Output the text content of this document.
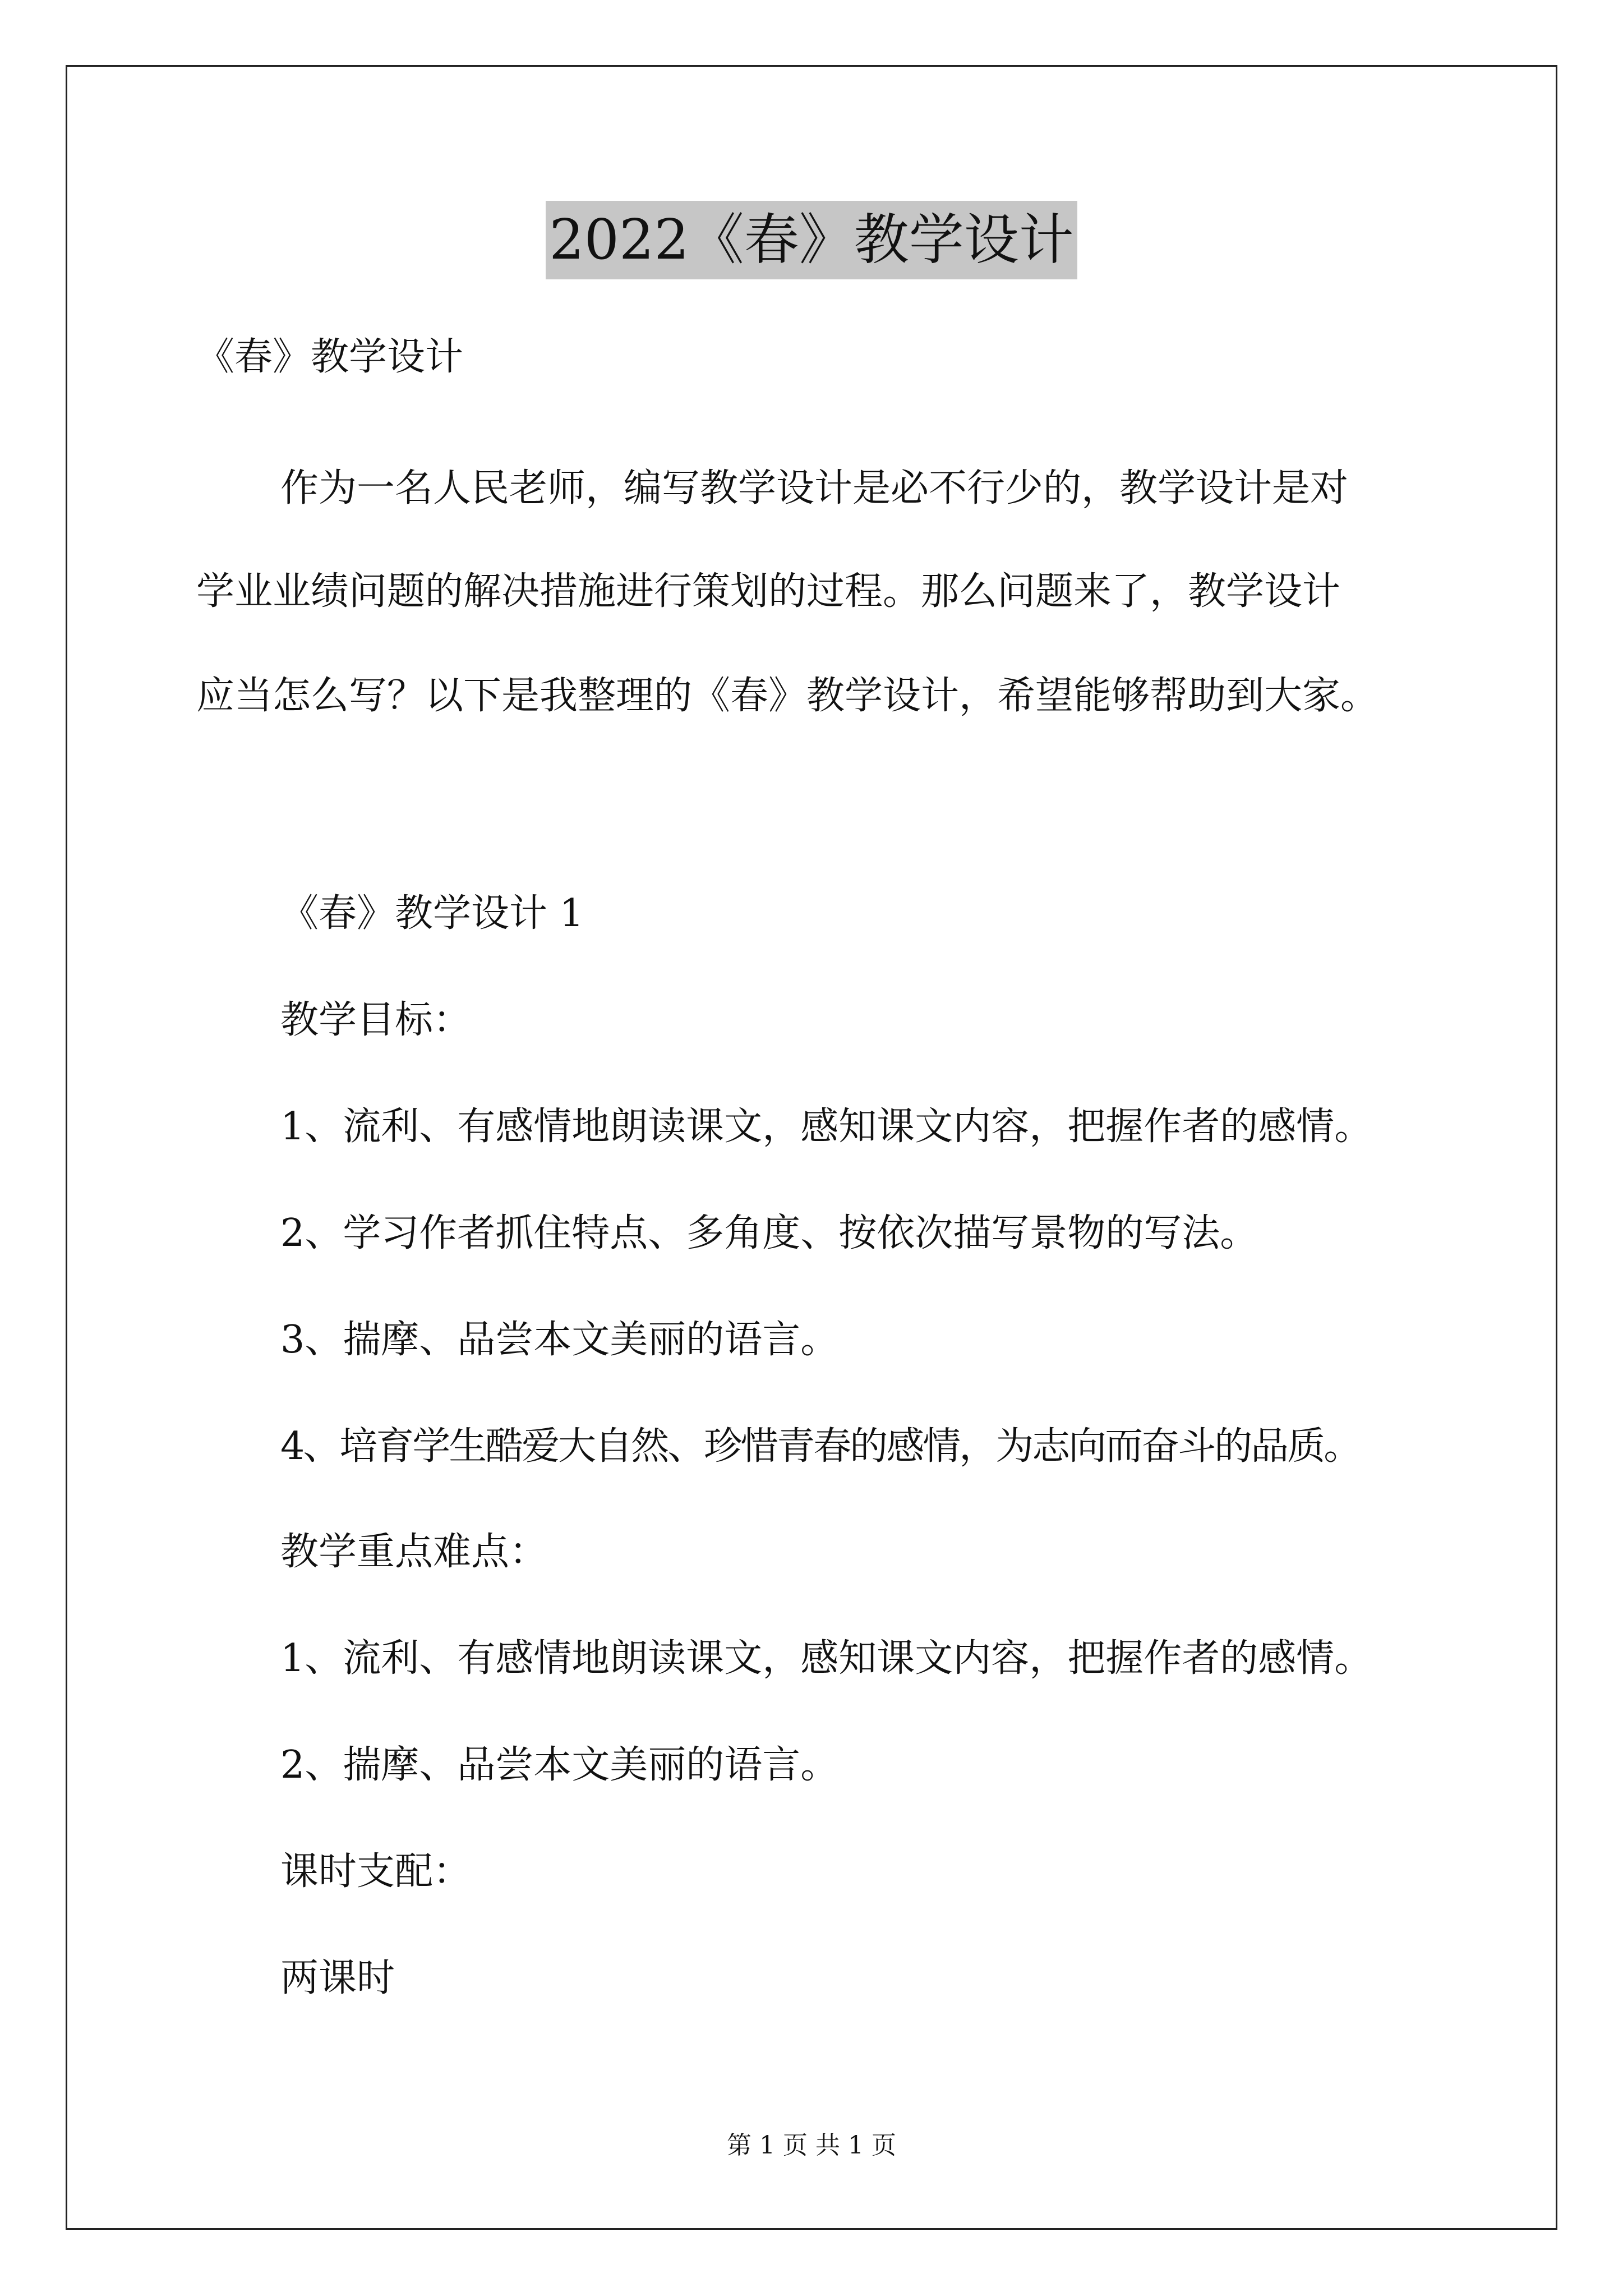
2022《春》教学设计
《春》教学设计
作为一名人民老师，编写教学设计是必不行少的，教学设计是对
学业业绩问题的解决措施进行策划的过程。那么问题来了，教学设计
应当怎么写？以下是我整理的《春》教学设计，希望能够帮助到大家。
《春》教学设计 1
教学目标：
1、流利、有感情地朗读课文，感知课文内容，把握作者的感情。
2、学习作者抓住特点、多角度、按依次描写景物的写法。
3、揣摩、品尝本文美丽的语言。
4、培育学生酷爱大自然、珍惜青春的感情，为志向而奋斗的品质。
教学重点难点：
1、流利、有感情地朗读课文，感知课文内容，把握作者的感情。
2、揣摩、品尝本文美丽的语言。
课时支配：
两课时
第 1 页 共 1 页
